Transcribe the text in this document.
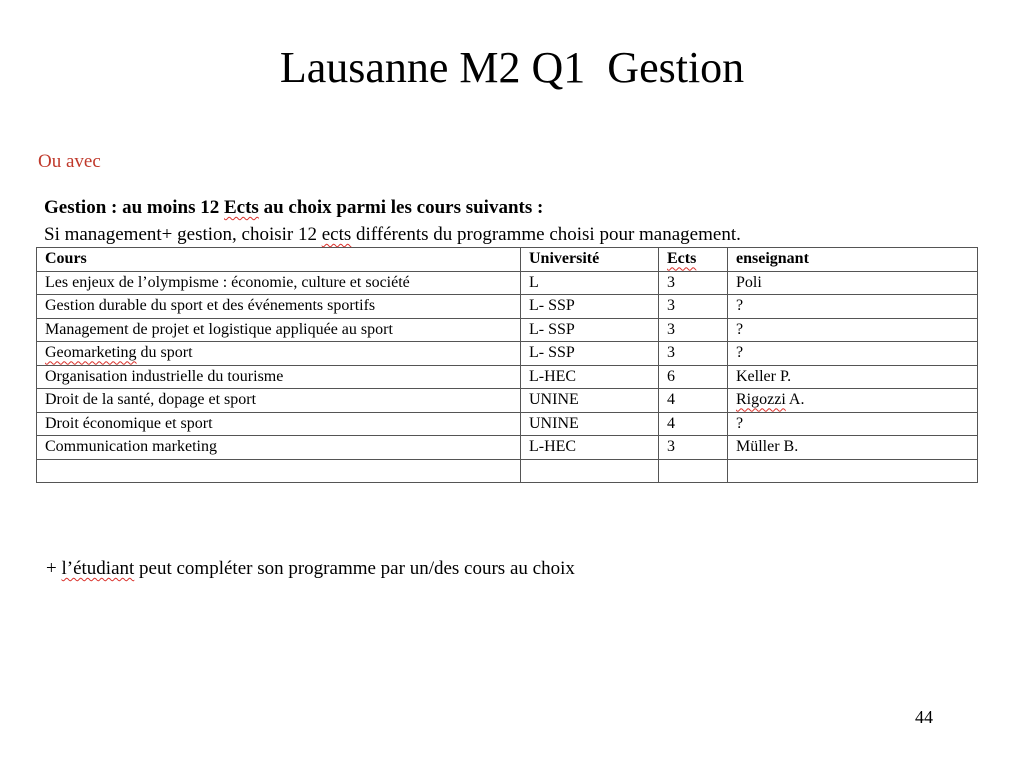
Lausanne M2 Q1  Gestion

Ou avec

Gestion : au moins 12 Ects au choix parmi les cours suivants :

Si management+ gestion, choisir 12 ects différents du programme choisi pour management.

Cours	Université	Ects	enseignant
Les enjeux de l’olympisme : économie, culture et société	L	3	Poli
Gestion durable du sport et des événements sportifs	L- SSP	3	?
Management de projet et logistique appliquée au sport	L- SSP	3	?
Geomarketing du sport	L- SSP	3	?
Organisation industrielle du tourisme	L-HEC	6	Keller P.
Droit de la santé, dopage et sport	UNINE	4	Rigozzi A.
Droit économique et sport	UNINE	4	?
Communication marketing	L-HEC	3	Müller B.

+ l’étudiant peut compléter son programme par un/des cours au choix
44
